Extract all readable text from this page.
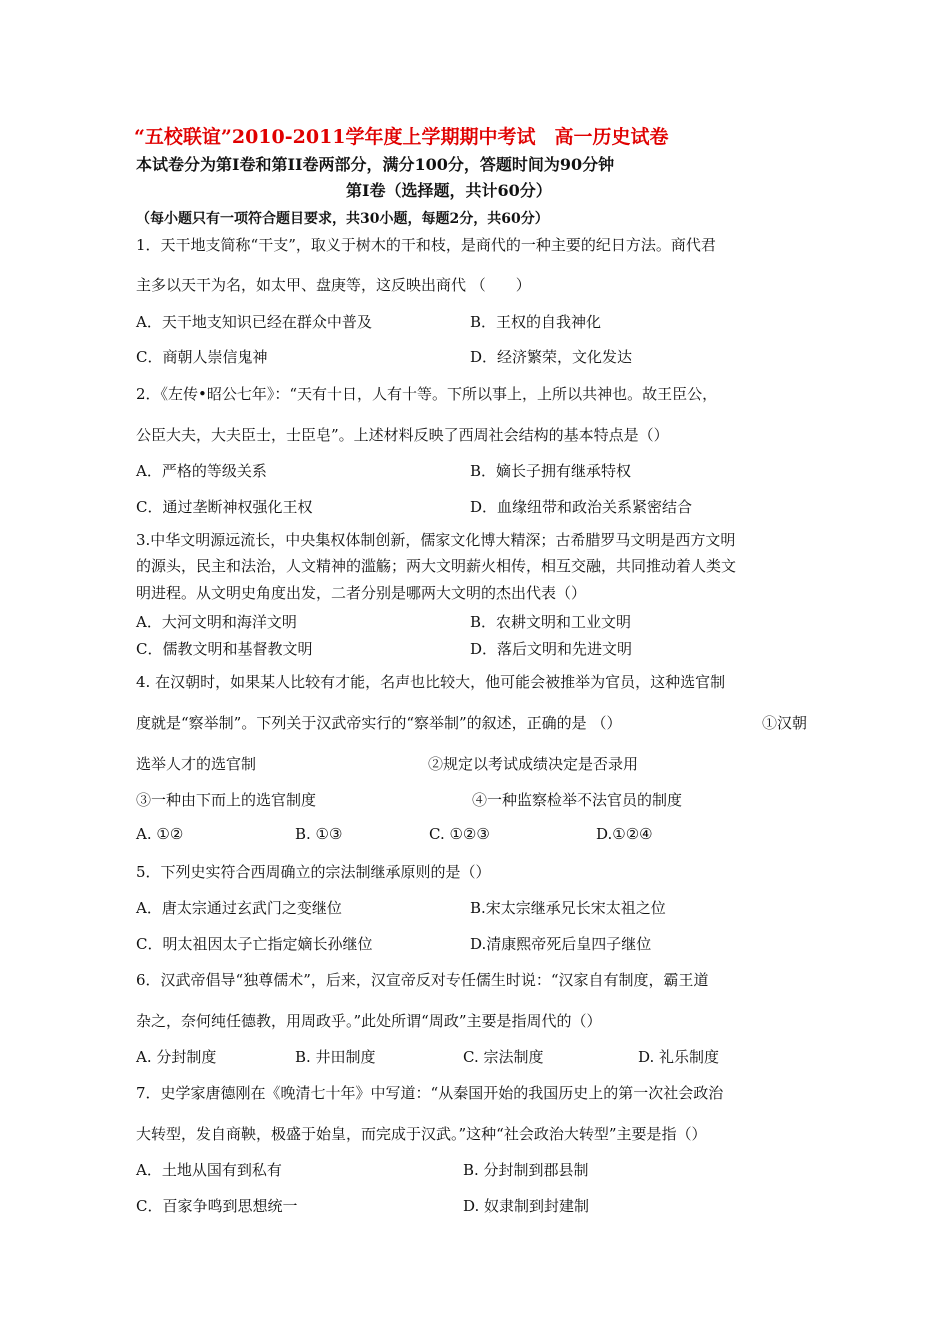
“五校联谊”2010-2011学年度上学期期中考试　高一历史试卷
本试卷分为第Ⅰ卷和第II卷两部分，满分100分，答题时间为90分钟
第Ⅰ卷（选择题，共计60分）
（每小题只有一项符合题目要求，共30小题，每题2分，共60分）
1．天干地支简称“干支”，取义于树木的干和枝，是商代的一种主要的纪日方法。商代君
主多以天干为名，如太甲、盘庚等，这反映出商代 （　　）
A．天干地支知识已经在群众中普及	B．王权的自我神化
C．商朝人崇信鬼神	D．经济繁荣，文化发达
2．《左传•昭公七年》：“天有十日，人有十等。下所以事上，上所以共神也。故王臣公，
公臣大夫，大夫臣士，士臣皂”。上述材料反映了西周社会结构的基本特点是（）
A．严格的等级关系	B．嫡长子拥有继承特权
C．通过垄断神权强化王权	D．血缘纽带和政治关系紧密结合
3.中华文明源远流长，中央集权体制创新，儒家文化博大精深；古希腊罗马文明是西方文明
的源头，民主和法治，人文精神的滥觞；两大文明薪火相传，相互交融，共同推动着人类文
明进程。从文明史角度出发，二者分别是哪两大文明的杰出代表（）
A．大河文明和海洋文明	B．农耕文明和工业文明
C．儒教文明和基督教文明	D．落后文明和先进文明
4. 在汉朝时，如果某人比较有才能，名声也比较大，他可能会被推举为官员，这种选官制
度就是“察举制”。下列关于汉武帝实行的“察举制”的叙述，正确的是 （）	①汉朝
选举人才的选官制	②规定以考试成绩决定是否录用
③一种由下而上的选官制度	④一种监察检举不法官员的制度
A. ①②	B. ①③	C. ①②③	D.①②④
5．下列史实符合西周确立的宗法制继承原则的是（）
A．唐太宗通过玄武门之变继位	B.宋太宗继承兄长宋太祖之位
C．明太祖因太子亡指定嫡长孙继位	D.清康熙帝死后皇四子继位
6．汉武帝倡导“独尊儒术”，后来，汉宣帝反对专任儒生时说：“汉家自有制度，霸王道
杂之，奈何纯任德教，用周政乎。”此处所谓“周政”主要是指周代的（）
A. 分封制度	B. 井田制度	C. 宗法制度	D. 礼乐制度
7．史学家唐德刚在《晚清七十年》中写道：“从秦国开始的我国历史上的第一次社会政治
大转型，发自商鞅，极盛于始皇，而完成于汉武。”这种“社会政治大转型”主要是指（）
A．土地从国有到私有	B. 分封制到郡县制
C．百家争鸣到思想统一	D. 奴隶制到封建制
